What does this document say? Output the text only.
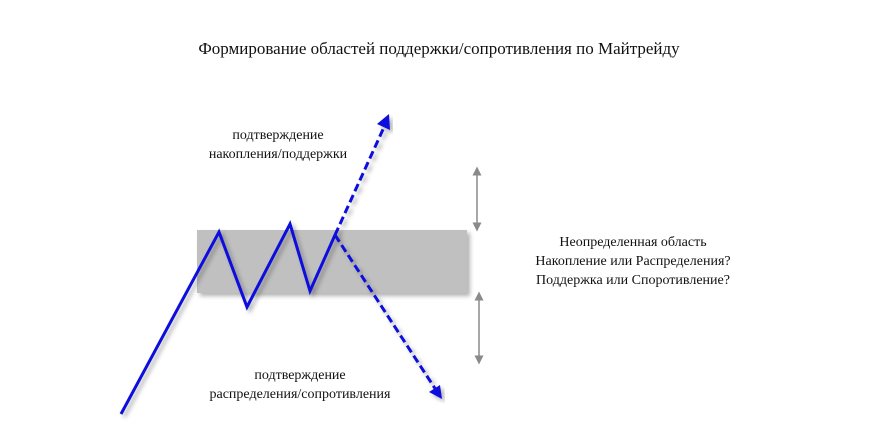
Формирование областей поддержки/сопротивления по Майтрейду
подтверждение
накопления/поддержки
подтверждение
распределения/сопротивления
Неопределенная область
Накопление или Распределения?
Поддержка или Споротивление?
